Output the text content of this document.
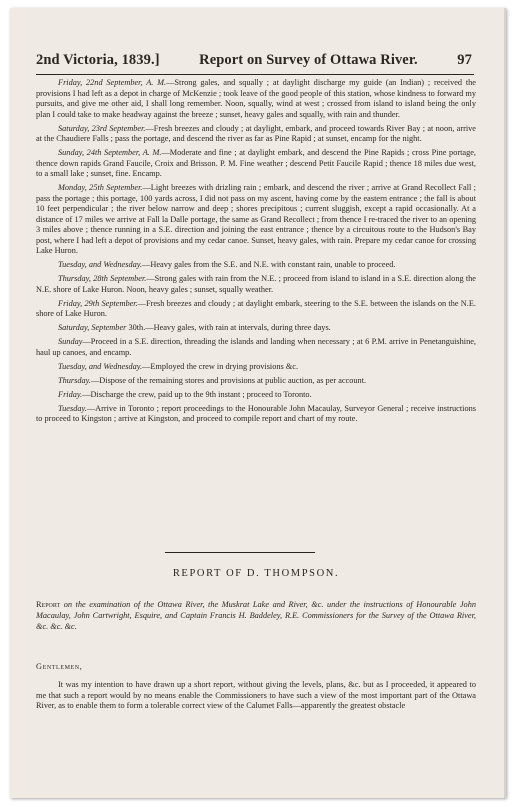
2nd Victoria, 1839.]	Report on Survey of Ottawa River.	97

Friday, 22nd September, A. M.—Strong gales, and squally ; at daylight discharge my guide (an Indian) ; received the provisions I had left as a depot in charge of McKenzie ; took leave of the good people of this station, whose kindness to forward my pursuits, and give me other aid, I shall long remember. Noon, squally, wind at west ; crossed from island to island being the only plan I could take to make headway against the breeze ; sunset, heavy gales and squally, with rain and thunder.

Saturday, 23rd September.—Fresh breezes and cloudy ; at daylight, embark, and proceed towards River Bay ; at noon, arrive at the Chaudiere Falls ; pass the portage, and descend the river as far as Pine Rapid ; at sunset, encamp for the night.

Sunday, 24th September, A. M.—Moderate and fine ; at daylight embark, and descend the Pine Rapids ; cross Pine portage, thence down rapids Grand Faucile, Croix and Brisson. P. M. Fine weather ; descend Petit Faucile Rapid ; thence 18 miles due west, to a small lake ; sunset, fine. Encamp.

Monday, 25th September.—Light breezes with drizling rain ; embark, and descend the river ; arrive at Grand Recollect Fall ; pass the portage ; this portage, 100 yards across, I did not pass on my ascent, having come by the eastern entrance ; the fall is about 10 feet perpendicular ; the river below narrow and deep ; shores precipitous ; current sluggish, except a rapid occasionally. At a distance of 17 miles we arrive at Fall la Dalle portage, the same as Grand Recollect ; from thence I re-traced the river to an opening 3 miles above ; thence running in a S.E. direction and joining the east entrance ; thence by a circuitous route to the Hudson's Bay post, where I had left a depot of provisions and my cedar canoe. Sunset, heavy gales, with rain. Prepare my cedar canoe for crossing Lake Huron.

Tuesday, and Wednesday.—Heavy gales from the S.E. and N.E. with constant rain, unable to proceed.

Thursday, 28th September.—Strong gales with rain from the N.E. ; proceed from island to island in a S.E. direction along the N.E. shore of Lake Huron. Noon, heavy gales ; sunset, squally weather.

Friday, 29th September.—Fresh breezes and cloudy ; at daylight embark, steering to the S.E. between the islands on the N.E. shore of Lake Huron.

Saturday, September 30th.—Heavy gales, with rain at intervals, during three days.

Sunday—Proceed in a S.E. direction, threading the islands and landing when necessary ; at 6 P.M. arrive in Penetanguishine, haul up canoes, and encamp.

Tuesday, and Wednesday.—Employed the crew in drying provisions &c.

Thursday.—Dispose of the remaining stores and provisions at public auction, as per account.

Friday.—Discharge the crew, paid up to the 9th instant ; proceed to Toronto.

Tuesday.—Arrive in Toronto ; report proceedings to the Honourable John Macaulay, Surveyor General ; receive instructions to proceed to Kingston ; arrive at Kingston, and proceed to compile report and chart of my route.

REPORT OF D. THOMPSON.
Report on the examination of the Ottawa River, the Muskrat Lake and River, &c. under the instructions of Honourable John Macaulay, John Cartwright, Esquire, and Captain Francis H. Baddeley, R.E. Commissioners for the Survey of the Ottawa River, &c. &c. &c.
Gentlemen,
It was my intention to have drawn up a short report, without giving the levels, plans, &c. but as I proceeded, it appeared to me that such a report would by no means enable the Commissioners to have such a view of the most important part of the Ottawa River, as to enable them to form a tolerable correct view of the Calumet Falls—apparently the greatest obstacle
